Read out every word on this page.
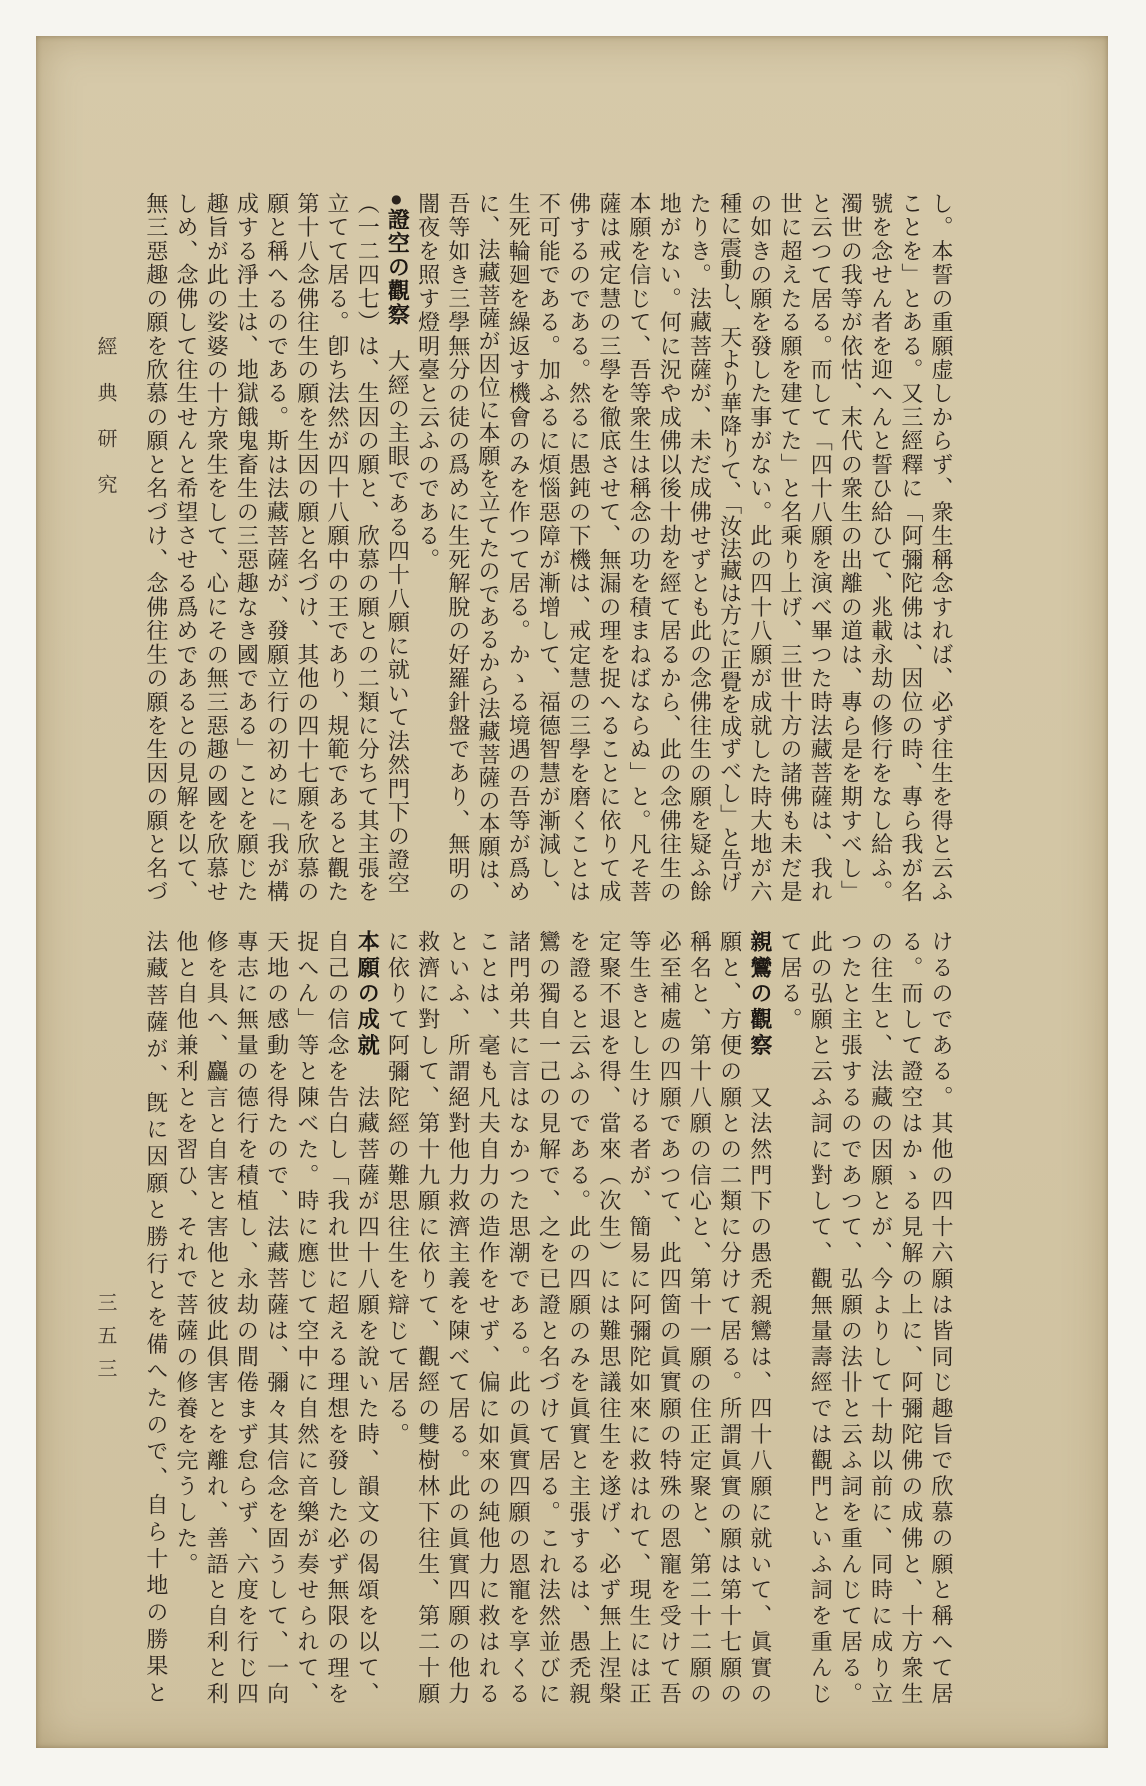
經典研究
三五三
し。本誓の重願虚しからず、衆生稱念すれば、必ず往生を得と云ふ
ことを」とある。又三經釋に「阿彌陀佛は、因位の時、專ら我が名
號を念せん者を迎へんと誓ひ給ひて、兆載永劫の修行をなし給ふ。
濁世の我等が依怙、末代の衆生の出離の道は、專ら是を期すべし」
と云つて居る。而して「四十八願を演べ畢つた時法藏菩薩は、我れ
世に超えたる願を建てた」と名乘り上げ、三世十方の諸佛も未だ是
の如きの願を發した事がない。此の四十八願が成就した時大地が六
種に震動し、天より華降りて、「汝法藏は方に正覺を成ずべし」と告げ
たりき。法藏菩薩が、未だ成佛せずとも此の念佛往生の願を疑ふ餘
地がない。何に況や成佛以後十劫を經て居るから、此の念佛往生の
本願を信じて、吾等衆生は稱念の功を積まねばならぬ」と。凡そ菩
薩は戒定慧の三學を徹底させて、無漏の理を捉へることに依りて成
佛するのである。然るに愚鈍の下機は、戒定慧の三學を磨くことは
不可能である。加ふるに煩惱惡障が漸增して、福德智慧が漸減し、
生死輪廻を繰返す機會のみを作つて居る。かゝる境遇の吾等が爲め
に、法藏菩薩が因位に本願を立てたのであるから法藏菩薩の本願は、
吾等如き三學無分の徒の爲めに生死解脫の好羅針盤であり、無明の
闇夜を照す燈明臺と云ふのである。
●證空の觀察　大經の主眼である四十八願に就いて法然門下の證空
（一二四七）は、生因の願と、欣慕の願との二類に分ちて其主張を
立てて居る。卽ち法然が四十八願中の王であり、規範であると觀た
第十八念佛往生の願を生因の願と名づけ、其他の四十七願を欣慕の
願と稱へるのである。斯は法藏菩薩が、發願立行の初めに「我が構
成する淨土は、地獄餓鬼畜生の三惡趣なき國である」ことを願じた
趣旨が此の娑婆の十方衆生をして、心にその無三惡趣の國を欣慕せ
しめ、念佛して往生せんと希望させる爲めであるとの見解を以て、
無三惡趣の願を欣慕の願と名づけ、念佛往生の願を生因の願と名づ
けるのである。其他の四十六願は皆同じ趣旨で欣慕の願と稱へて居
る。而して證空はかゝる見解の上に、阿彌陀佛の成佛と、十方衆生
の往生と、法藏の因願とが、今よりして十劫以前に、同時に成り立
つたと主張するのであつて、弘願の法卝と云ふ詞を重んじて居る。
此の弘願と云ふ詞に對して、觀無量壽經では觀門といふ詞を重んじ
て居る。
親鸞の觀察　又法然門下の愚禿親鸞は、四十八願に就いて、眞實の
願と、方便の願との二類に分けて居る。所謂眞實の願は第十七願の
稱名と、第十八願の信心と、第十一願の住正定聚と、第二十二願の
必至補處の四願であつて、此四箇の眞實願の特殊の恩寵を受けて吾
等生きとし生ける者が、簡易に阿彌陀如來に救はれて、現生には正
定聚不退を得、當來（次生）には難思議往生を遂げ、必ず無上涅槃
を證ると云ふのである。此の四願のみを眞實と主張するは、愚禿親
鸞の獨自一己の見解で、之を已證と名づけて居る。これ法然並びに
諸門弟共に言はなかつた思潮である。此の眞實四願の恩寵を享くる
ことは、毫も凡夫自力の造作をせず、偏に如來の純他力に救はれる
といふ、所謂絕對他力救濟主義を陳べて居る。此の眞實四願の他力
救濟に對して、第十九願に依りて、觀經の雙樹林下往生、第二十願
に依りて阿彌陀經の難思往生を辯じて居る。
本願の成就　法藏菩薩が四十八願を說いた時、韻文の偈頌を以て、
自己の信念を告白し「我れ世に超える理想を發した必ず無限の理を
捉へん」等と陳べた。時に應じて空中に自然に音樂が奏せられて、
天地の感動を得たので、法藏菩薩は、彌々其信念を固うして、一向
專志に無量の德行を積植し、永劫の間倦まず怠らず、六度を行じ四
修を具へ、麤言と自害と害他と彼此俱害とを離れ、善語と自利と利
他と自他兼利とを習ひ、それで菩薩の修養を完うした。
法藏菩薩が、旣に因願と勝行とを備へたので、自ら十地の勝果と
